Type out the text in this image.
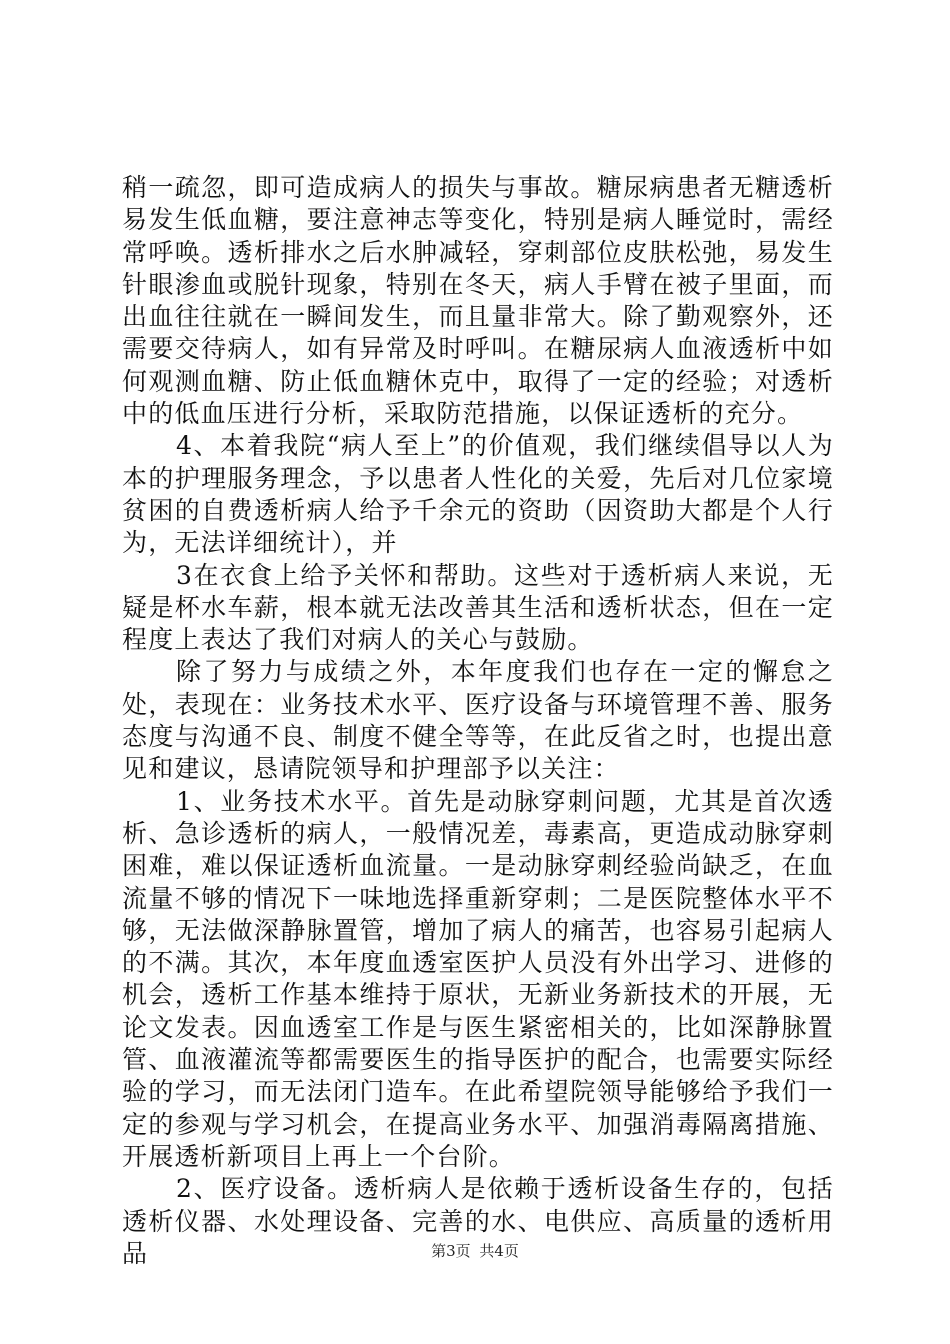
稍一疏忽，即可造成病人的损失与事故。糖尿病患者无糖透析易发生低血糖，要注意神志等变化，特别是病人睡觉时，需经常呼唤。透析排水之后水肿减轻，穿刺部位皮肤松弛，易发生针眼渗血或脱针现象，特别在冬天，病人手臂在被子里面，而出血往往就在一瞬间发生，而且量非常大。除了勤观察外，还需要交待病人，如有异常及时呼叫。在糖尿病人血液透析中如何观测血糖、防止低血糖休克中，取得了一定的经验；对透析中的低血压进行分析，采取防范措施，以保证透析的充分。

4、本着我院“病人至上”的价值观，我们继续倡导以人为本的护理服务理念，予以患者人性化的关爱，先后对几位家境贫困的自费透析病人给予千余元的资助（因资助大都是个人行为，无法详细统计），并

3在衣食上给予关怀和帮助。这些对于透析病人来说，无疑是杯水车薪，根本就无法改善其生活和透析状态，但在一定程度上表达了我们对病人的关心与鼓励。

除了努力与成绩之外，本年度我们也存在一定的懈怠之处，表现在：业务技术水平、医疗设备与环境管理不善、服务态度与沟通不良、制度不健全等等，在此反省之时，也提出意见和建议，恳请院领导和护理部予以关注：

1、业务技术水平。首先是动脉穿刺问题，尤其是首次透析、急诊透析的病人，一般情况差，毒素高，更造成动脉穿刺困难，难以保证透析血流量。一是动脉穿刺经验尚缺乏，在血流量不够的情况下一味地选择重新穿刺；二是医院整体水平不够，无法做深静脉置管，增加了病人的痛苦，也容易引起病人的不满。其次，本年度血透室医护人员没有外出学习、进修的机会，透析工作基本维持于原状，无新业务新技术的开展，无论文发表。因血透室工作是与医生紧密相关的，比如深静脉置管、血液灌流等都需要医生的指导医护的配合，也需要实际经验的学习，而无法闭门造车。在此希望院领导能够给予我们一定的参观与学习机会，在提高业务水平、加强消毒隔离措施、开展透析新项目上再上一个台阶。

2、医疗设备。透析病人是依赖于透析设备生存的，包括透析仪器、水处理设备、完善的水、电供应、高质量的透析用品	第3页 共4页
